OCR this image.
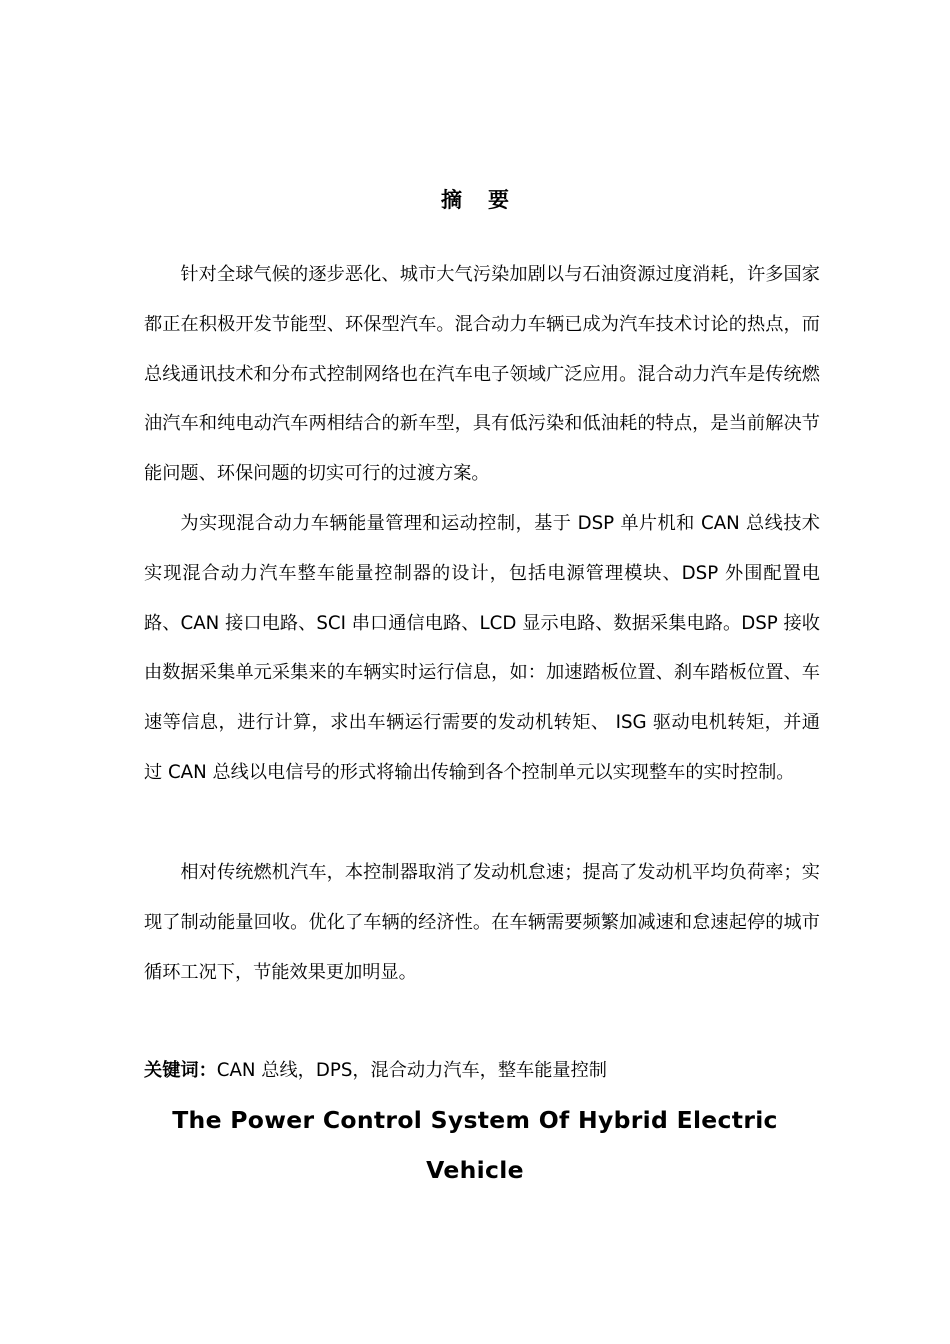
摘要

针对全球气候的逐步恶化、城市大气污染加剧以与石油资源过度消耗，许多国家都正在积极开发节能型、环保型汽车。混合动力车辆已成为汽车技术讨论的热点，而总线通讯技术和分布式控制网络也在汽车电子领域广泛应用。混合动力汽车是传统燃油汽车和纯电动汽车两相结合的新车型，具有低污染和低油耗的特点，是当前解决节能问题、环保问题的切实可行的过渡方案。

为实现混合动力车辆能量管理和运动控制，基于 DSP 单片机和 CAN 总线技术实现混合动力汽车整车能量控制器的设计，包括电源管理模块、DSP 外围配置电路、CAN 接口电路、SCI 串口通信电路、LCD 显示电路、数据采集电路。DSP 接收由数据采集单元采集来的车辆实时运行信息，如：加速踏板位置、刹车踏板位置、车速等信息，进行计算，求出车辆运行需要的发动机转矩、 ISG 驱动电机转矩，并通过 CAN 总线以电信号的形式将输出传输到各个控制单元以实现整车的实时控制。

相对传统燃机汽车，本控制器取消了发动机怠速；提高了发动机平均负荷率；实现了制动能量回收。优化了车辆的经济性。在车辆需要频繁加减速和怠速起停的城市循环工况下，节能效果更加明显。

关键词：CAN 总线，DPS，混合动力汽车，整车能量控制
The Power Control System Of Hybrid Electric Vehicle
